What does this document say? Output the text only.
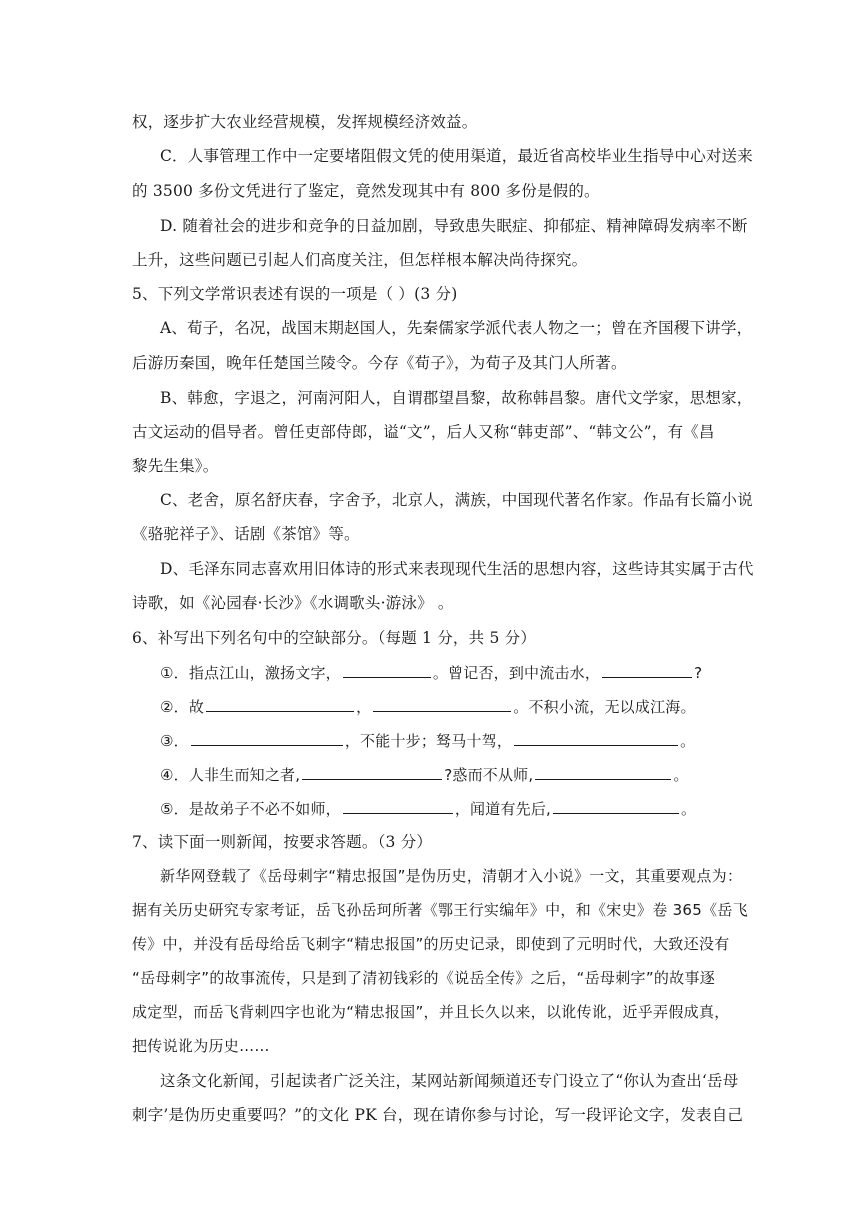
权，逐步扩大农业经营规模，发挥规模经济效益。
C．人事管理工作中一定要堵阻假文凭的使用渠道，最近省高校毕业生指导中心对送来
的 3500 多份文凭进行了鉴定，竟然发现其中有 800 多份是假的。
D. 随着社会的进步和竞争的日益加剧，导致患失眠症、抑郁症、精神障碍发病率不断
上升，这些问题已引起人们高度关注，但怎样根本解决尚待探究。
5、下列文学常识表述有误的一项是（ ）(3 分)
A、荀子，名况，战国末期赵国人，先秦儒家学派代表人物之一；曾在齐国稷下讲学，
后游历秦国，晚年任楚国兰陵令。今存《荀子》，为荀子及其门人所著。
B、韩愈，字退之，河南河阳人，自谓郡望昌黎，故称韩昌黎。唐代文学家，思想家，
古文运动的倡导者。曾任吏部侍郎，谥“文”，后人又称“韩吏部”、“韩文公”，有《昌
黎先生集》。
C、老舍，原名舒庆春，字舍予，北京人，满族，中国现代著名作家。作品有长篇小说
《骆驼祥子》、话剧《茶馆》等。
D、毛泽东同志喜欢用旧体诗的形式来表现现代生活的思想内容，这些诗其实属于古代
诗歌，如《沁园春·长沙》《水调歌头·游泳》 。
6、补写出下列名句中的空缺部分。（每题 1 分，共 5 分）
①．指点江山，激扬文字，	。曾记否，到中流击水，	?
②．故	，	。不积小流，无以成江海。
③．	，不能十步；驽马十驾，	。
④．人非生而知之者,	?惑而不从师,	。
⑤．是故弟子不必不如师，	，闻道有先后,	。
7、读下面一则新闻，按要求答题。（3 分）
新华网登载了《岳母刺字“精忠报国”是伪历史，清朝才入小说》一文，其重要观点为：
据有关历史研究专家考证，岳飞孙岳珂所著《鄂王行实编年》中，和《宋史》卷 365《岳飞
传》中，并没有岳母给岳飞刺字“精忠报国”的历史记录，即使到了元明时代，大致还没有
“岳母刺字”的故事流传，只是到了清初钱彩的《说岳全传》之后，“岳母刺字”的故事逐
成定型，而岳飞背刺四字也讹为“精忠报国”，并且长久以来，以讹传讹，近乎弄假成真，
把传说讹为历史……
这条文化新闻，引起读者广泛关注，某网站新闻频道还专门设立了“你认为查出‘岳母
刺字’是伪历史重要吗？”的文化 PK 台，现在请你参与讨论，写一段评论文字，发表自己
